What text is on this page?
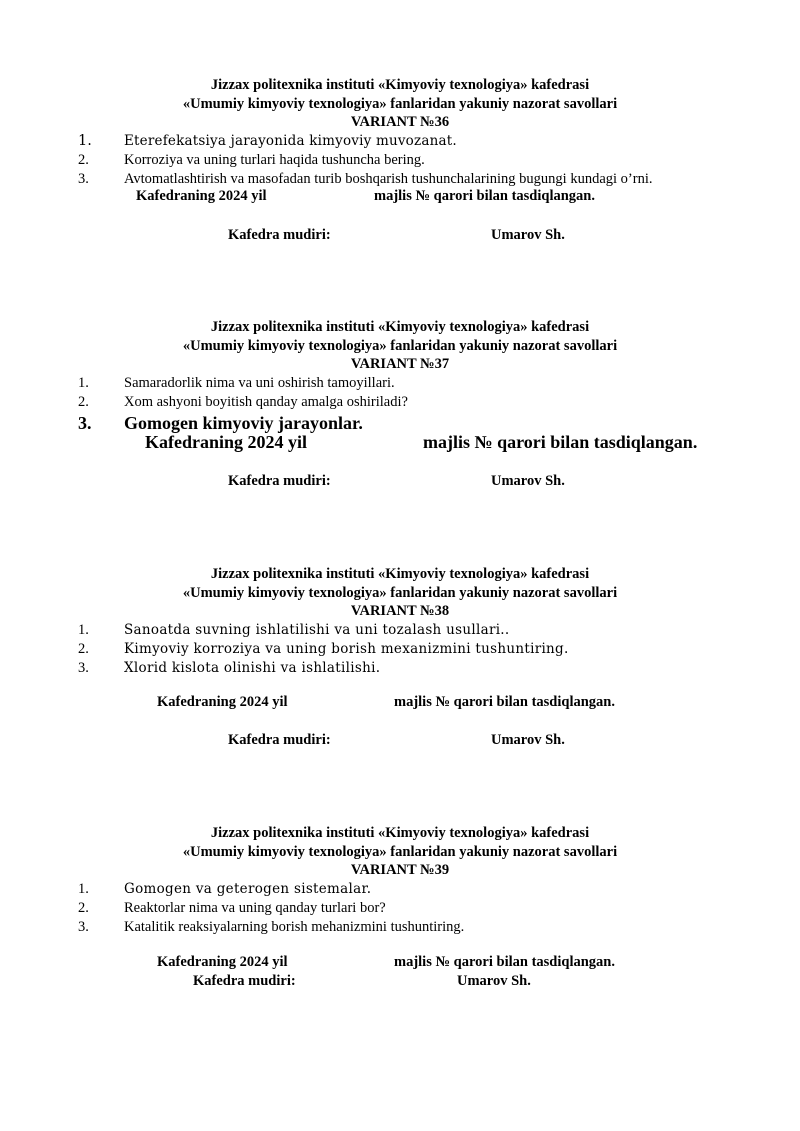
Jizzax politexnika instituti «Kimyoviy texnologiya» kafedrasi
«Umumiy kimyoviy texnologiya» fanlaridan yakuniy nazorat savollari
VARIANT №36
1. Eterefekatsiya jarayonida kimyoviy muvozanat.
2. Korroziya va uning turlari haqida tushuncha bering.
3. Avtomatlashtirish va masofadan turib boshqarish tushunchalarining bugungi kundagi o’rni.
Kafedraning 2024 yil	majlis № qarori bilan tasdiqlangan.
Kafedra mudiri:	Umarov Sh.
Jizzax politexnika instituti «Kimyoviy texnologiya» kafedrasi
«Umumiy kimyoviy texnologiya» fanlaridan yakuniy nazorat savollari
VARIANT №37
1. Samaradorlik nima va uni oshirish tamoyillari.
2. Xom ashyoni boyitish qanday amalga oshiriladi?
3. Gomogen kimyoviy jarayonlar.
Kafedraning 2024 yil	majlis № qarori bilan tasdiqlangan.
Kafedra mudiri:	Umarov Sh.
Jizzax politexnika instituti «Kimyoviy texnologiya» kafedrasi
«Umumiy kimyoviy texnologiya» fanlaridan yakuniy nazorat savollari
VARIANT №38
1.	Sanoatda suvning ishlatilishi va uni tozalash usullari..
2.	Kimyoviy korroziya va uning borish mexanizmini tushuntiring.
3.	Xlorid kislota olinishi va ishlatilishi.
Kafedraning 2024 yil	majlis № qarori bilan tasdiqlangan.
Kafedra mudiri:	Umarov Sh.
Jizzax politexnika instituti «Kimyoviy texnologiya» kafedrasi
«Umumiy kimyoviy texnologiya» fanlaridan yakuniy nazorat savollari
VARIANT №39
1.	Gomogen va geterogen sistemalar.
2. Reaktorlar nima va uning qanday turlari bor?
3. Katalitik reaksiyalarning borish mehanizmini tushuntiring.
Kafedraning 2024 yil	majlis № qarori bilan tasdiqlangan.
Kafedra mudiri:	Umarov Sh.
